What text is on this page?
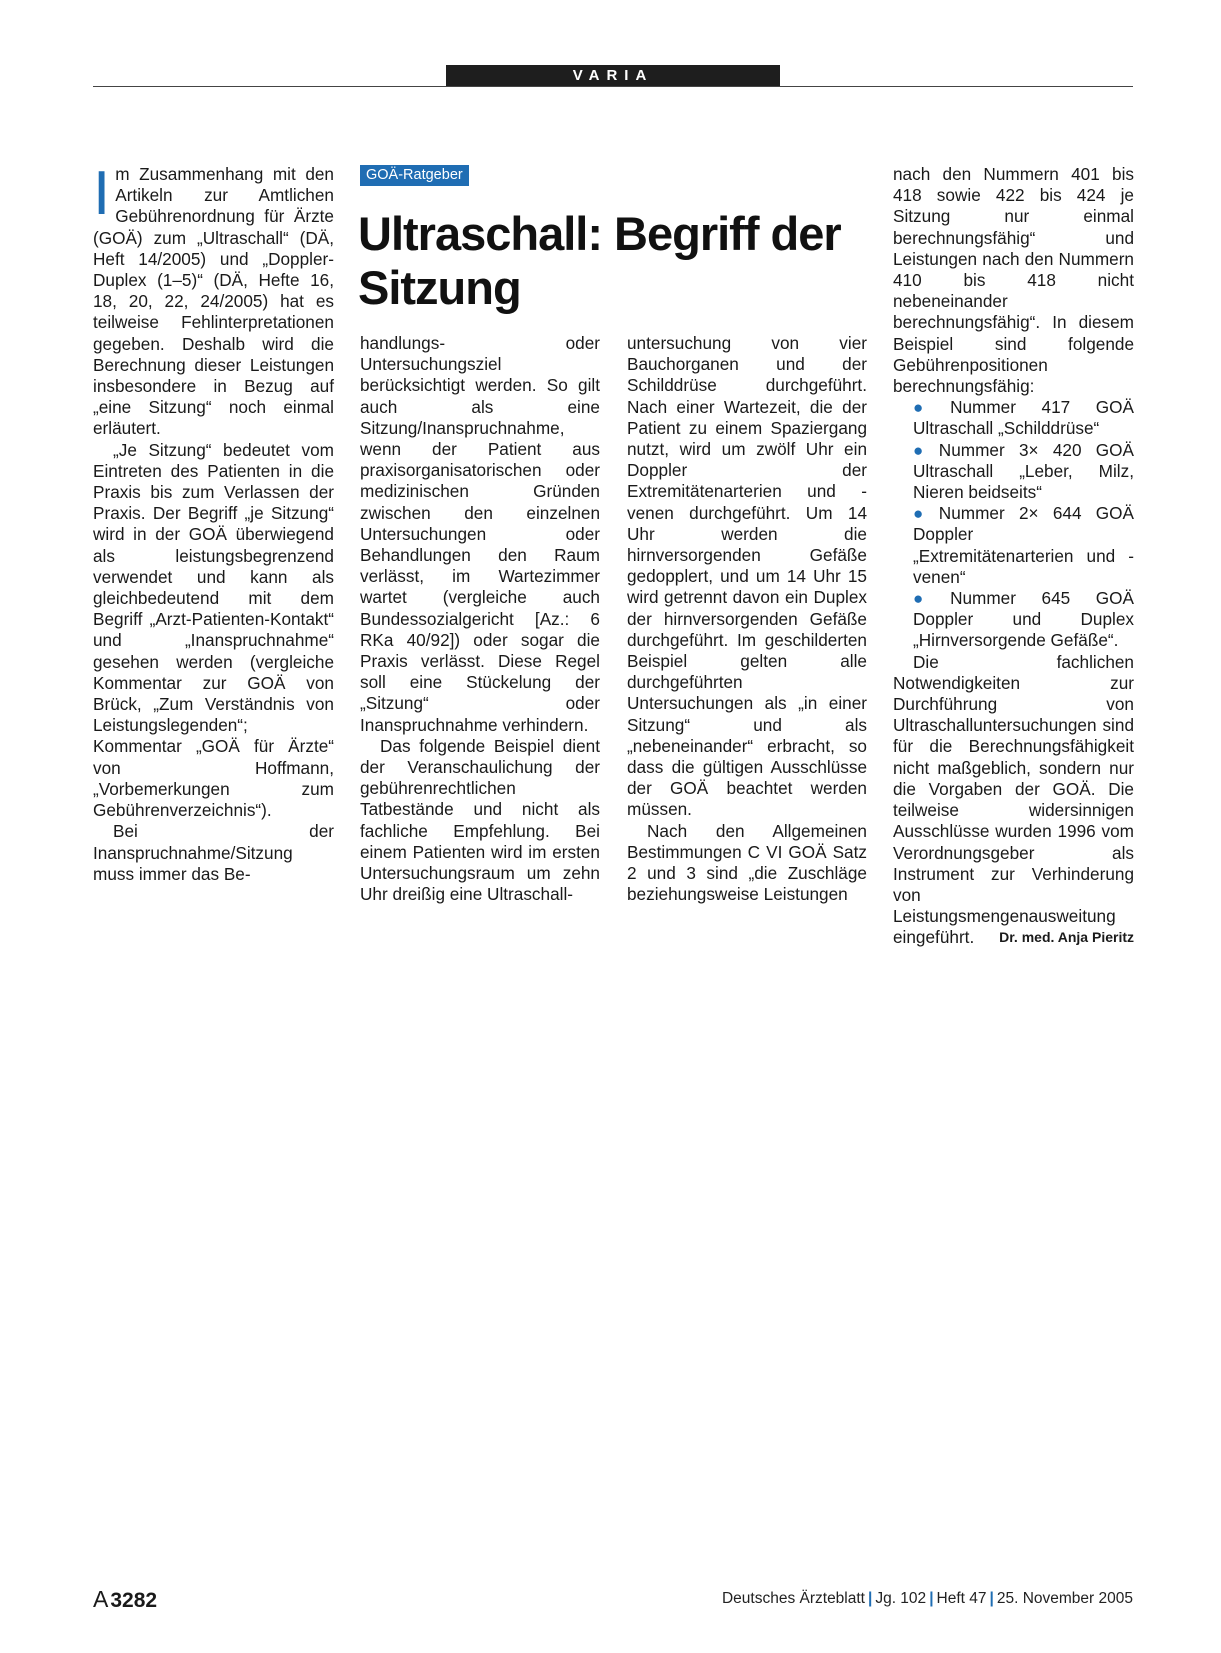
VARIA

Im Zusammenhang mit den Artikeln zur Amtlichen Gebührenordnung für Ärzte (GOÄ) zum „Ultraschall“ (DÄ, Heft 14/2005) und „Doppler-Duplex (1–5)“ (DÄ, Hefte 16, 18, 20, 22, 24/2005) hat es teilweise Fehlinterpretationen gegeben. Deshalb wird die Berechnung dieser Leistungen insbesondere in Bezug auf „eine Sitzung“ noch einmal erläutert.

„Je Sitzung“ bedeutet vom Eintreten des Patienten in die Praxis bis zum Verlassen der Praxis. Der Begriff „je Sitzung“ wird in der GOÄ überwiegend als leistungsbegrenzend verwendet und kann als gleichbedeutend mit dem Begriff „Arzt-Patienten-Kontakt“ und „Inanspruchnahme“ gesehen werden (vergleiche Kommentar zur GOÄ von Brück, „Zum Verständnis von Leistungslegenden“; Kommentar „GOÄ für Ärzte“ von Hoffmann, „Vorbemerkungen zum Gebührenverzeichnis“).

Bei der Inanspruchnahme/Sitzung muss immer das Be-

GOÄ-Ratgeber
Ultraschall: Begriff der Sitzung

handlungs- oder Untersuchungsziel berücksichtigt werden. So gilt auch als eine Sitzung/Inanspruchnahme, wenn der Patient aus praxisorganisatorischen oder medizinischen Gründen zwischen den einzelnen Untersuchungen oder Behandlungen den Raum verlässt, im Wartezimmer wartet (vergleiche auch Bundessozialgericht [Az.: 6 RKa 40/92]) oder sogar die Praxis verlässt. Diese Regel soll eine Stückelung der „Sitzung“ oder Inanspruchnahme verhindern.

Das folgende Beispiel dient der Veranschaulichung der gebührenrechtlichen Tatbestände und nicht als fachliche Empfehlung. Bei einem Patienten wird im ersten Untersuchungsraum um zehn Uhr dreißig eine Ultraschall-

untersuchung von vier Bauchorganen und der Schilddrüse durchgeführt. Nach einer Wartezeit, die der Patient zu einem Spaziergang nutzt, wird um zwölf Uhr ein Doppler der Extremitätenarterien und -venen durchgeführt. Um 14 Uhr werden die hirnversorgenden Gefäße gedopplert, und um 14 Uhr 15 wird getrennt davon ein Duplex der hirnversorgenden Gefäße durchgeführt. Im geschilderten Beispiel gelten alle durchgeführten Untersuchungen als „in einer Sitzung“ und als „nebeneinander“ erbracht, so dass die gültigen Ausschlüsse der GOÄ beachtet werden müssen.

Nach den Allgemeinen Bestimmungen C VI GOÄ Satz 2 und 3 sind „die Zuschläge beziehungsweise Leistungen

nach den Nummern 401 bis 418 sowie 422 bis 424 je Sitzung nur einmal berechnungsfähig“ und Leistungen nach den Nummern 410 bis 418 nicht nebeneinander berechnungsfähig“. In diesem Beispiel sind folgende Gebührenpositionen berechnungsfähig:

● Nummer 417 GOÄ Ultraschall „Schilddrüse“

● Nummer 3× 420 GOÄ Ultraschall „Leber, Milz, Nieren beidseits“

● Nummer 2× 644 GOÄ Doppler „Extremitätenarterien und -venen“

● Nummer 645 GOÄ Doppler und Duplex „Hirnversorgende Gefäße“.

Die fachlichen Notwendigkeiten zur Durchführung von Ultraschalluntersuchungen sind für die Berechnungsfähigkeit nicht maßgeblich, sondern nur die Vorgaben der GOÄ. Die teilweise widersinnigen Ausschlüsse wurden 1996 vom Verordnungsgeber als Instrument zur Verhinderung von Leistungsmengenausweitung eingeführt.	Dr. med. Anja Pieritz

A3282	Deutsches Ärzteblatt | Jg. 102 | Heft 47 | 25. November 2005
